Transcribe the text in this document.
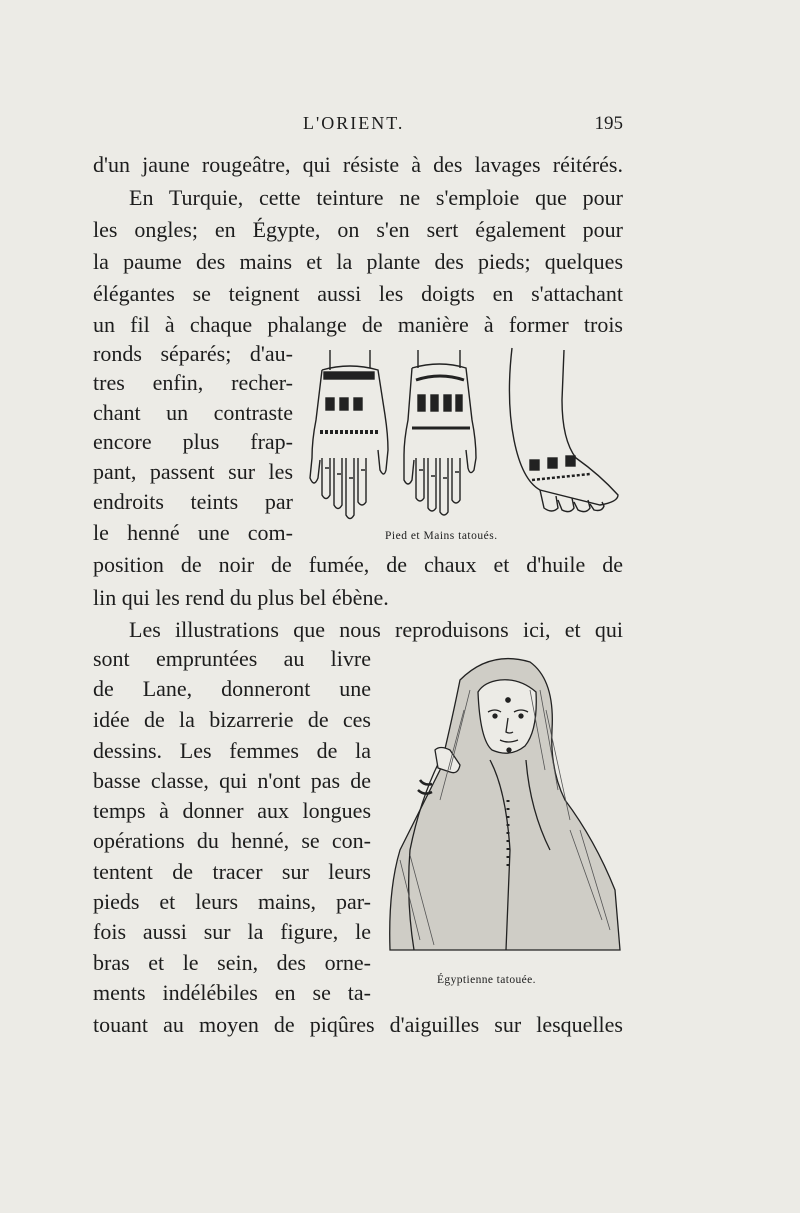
L'ORIENT.	195
d'un jaune rougeâtre, qui résiste à des lavages réitérés.
En Turquie, cette teinture ne s'emploie que pour
les ongles; en Égypte, on s'en sert également pour
la paume des mains et la plante des pieds; quelques
élégantes se teignent aussi les doigts en s'attachant
un fil à chaque phalange de manière à former trois
ronds séparés; d'au-
tres enfin, recher-
chant un contraste
encore plus frap-
pant, passent sur les
endroits teints par
le henné une com-
position de noir de fumée, de chaux et d'huile de
lin qui les rend du plus bel ébène.
Les illustrations que nous reproduisons ici, et qui
sont empruntées au livre
de Lane, donneront une
idée de la bizarrerie de ces
dessins. Les femmes de la
basse classe, qui n'ont pas de
temps à donner aux longues
opérations du henné, se con-
tentent de tracer sur leurs
pieds et leurs mains, par-
fois aussi sur la figure, le
bras et le sein, des orne-
ments indélébiles en se ta-
touant au moyen de piqûres d'aiguilles sur lesquelles
Pied et Mains tatoués.
Égyptienne tatouée.
